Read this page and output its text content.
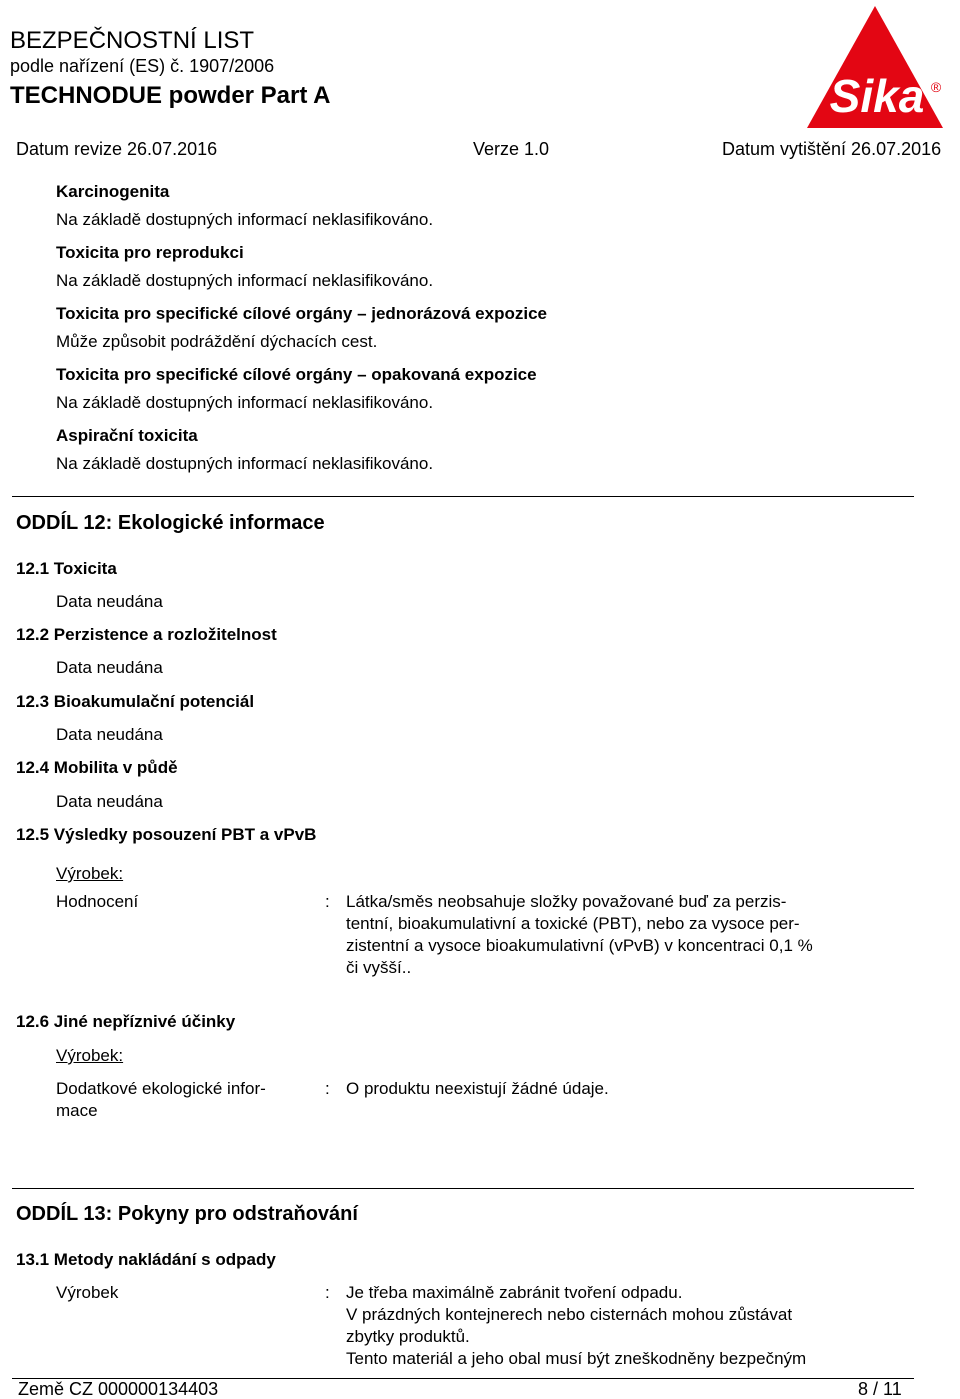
BEZPEČNOSTNÍ LIST
podle nařízení (ES) č. 1907/2006
TECHNODUE powder Part A	Sika ®
Datum revize 26.07.2016	Verze 1.0	Datum vytištění 26.07.2016
Karcinogenita
Na základě dostupných informací neklasifikováno.
Toxicita pro reprodukci
Na základě dostupných informací neklasifikováno.
Toxicita pro specifické cílové orgány – jednorázová expozice
Může způsobit podráždění dýchacích cest.
Toxicita pro specifické cílové orgány – opakovaná expozice
Na základě dostupných informací neklasifikováno.
Aspirační toxicita
Na základě dostupných informací neklasifikováno.
ODDÍL 12: Ekologické informace
12.1 Toxicita
Data neudána
12.2 Perzistence a rozložitelnost
Data neudána
12.3 Bioakumulační potenciál
Data neudána
12.4 Mobilita v půdě
Data neudána
12.5 Výsledky posouzení PBT a vPvB
Výrobek:
Hodnocení	: Látka/směs neobsahuje složky považované buď za perzis-
tentní, bioakumulativní a toxické (PBT), nebo za vysoce per-
zistentní a vysoce bioakumulativní (vPvB) v koncentraci 0,1 %
či vyšší..
12.6 Jiné nepříznivé účinky
Výrobek:
Dodatkové ekologické infor-
mace
: O produktu neexistují žádné údaje.
ODDÍL 13: Pokyny pro odstraňování
13.1 Metody nakládání s odpady
Výrobek	: Je třeba maximálně zabránit tvoření odpadu.
V prázdných kontejnerech nebo cisternách mohou zůstávat
zbytky produktů.
Tento materiál a jeho obal musí být zneškodněny bezpečným
Země CZ 000000134403	8 / 11
